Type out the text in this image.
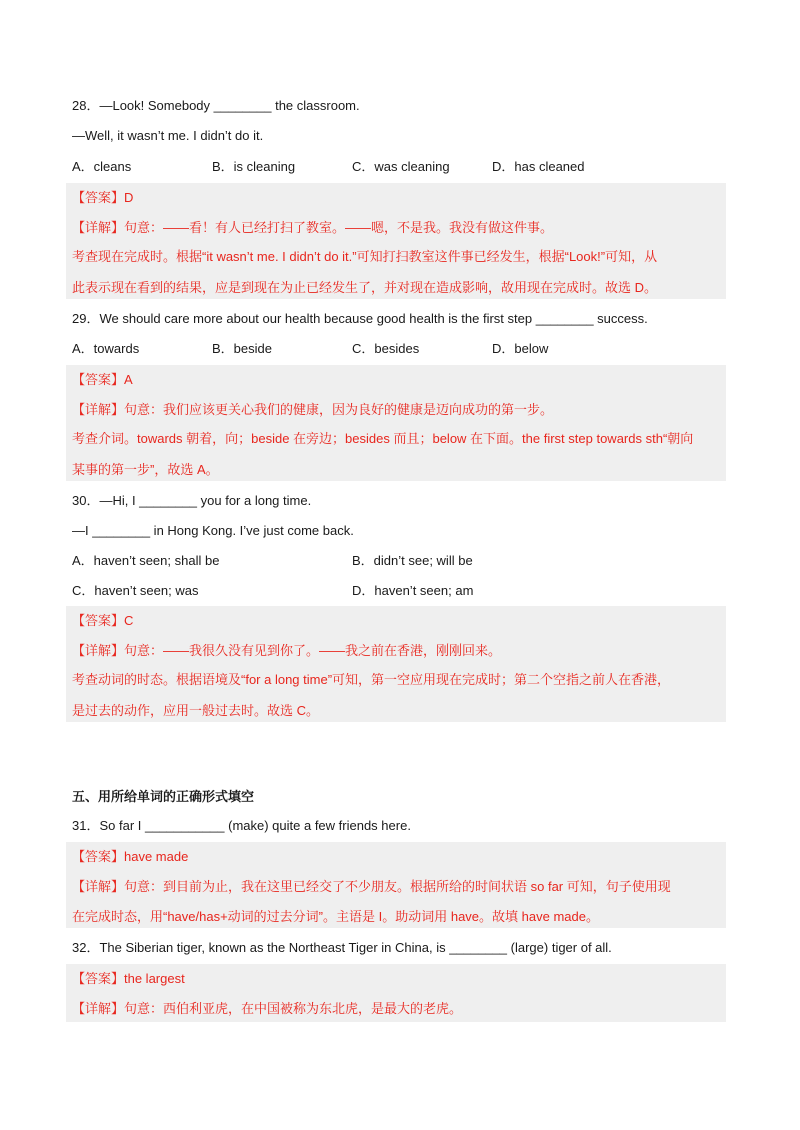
28．—Look! Somebody ________ the classroom.
—Well, it wasn’t me. I didn’t do it.
A．cleans	B．is cleaning	C．was cleaning	D．has cleaned
【答案】D
【详解】句意：——看！有人已经打扫了教室。——嗯，不是我。我没有做这件事。
考查现在完成时。根据“it wasn’t me. I didn’t do it.”可知打扫教室这件事已经发生，根据“Look!”可知，从
此表示现在看到的结果，应是到现在为止已经发生了，并对现在造成影响，故用现在完成时。故选 D。
29．We should care more about our health because good health is the first step ________ success.
A．towards	B．beside	C．besides	D．below
【答案】A
【详解】句意：我们应该更关心我们的健康，因为良好的健康是迈向成功的第一步。
考查介词。towards 朝着，向；beside 在旁边；besides 而且；below 在下面。the first step towards sth“朝向
某事的第一步”，故选 A。
30．—Hi, I ________ you for a long time.
—I ________ in Hong Kong. I’ve just come back.
A．haven’t seen; shall be	B．didn’t see; will be
C．haven’t seen; was	D．haven’t seen; am
【答案】C
【详解】句意：——我很久没有见到你了。——我之前在香港，刚刚回来。
考查动词的时态。根据语境及“for a long time”可知，第一空应用现在完成时；第二个空指之前人在香港，
是过去的动作，应用一般过去时。故选 C。
五、用所给单词的正确形式填空
31．So far I ___________ (make) quite a few friends here.
【答案】have made
【详解】句意：到目前为止，我在这里已经交了不少朋友。根据所给的时间状语 so far 可知，句子使用现
在完成时态，用“have/has+动词的过去分词”。主语是 I。助动词用 have。故填 have made。
32．The Siberian tiger, known as the Northeast Tiger in China, is ________ (large) tiger of all.
【答案】the largest
【详解】句意：西伯利亚虎，在中国被称为东北虎，是最大的老虎。
